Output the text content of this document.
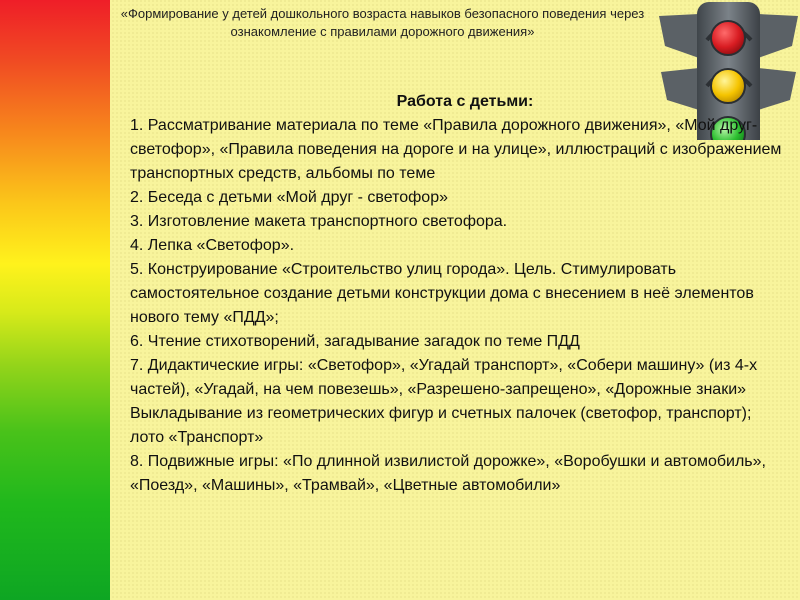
«Формирование у детей дошкольного возраста навыков безопасного поведения через
ознакомление с правилами дорожного движения»
Работа с детьми:

1. Рассматривание материала по теме «Правила дорожного движения», «Мой друг-светофор», «Правила поведения на дороге и на улице», иллюстраций с изображением транспортных средств, альбомы по теме

2. Беседа с детьми «Мой друг - светофор»

3. Изготовление макета транспортного светофора.

4. Лепка «Светофор».

5. Конструирование «Строительство улиц города». Цель. Стимулировать самостоятельное создание детьми конструкции дома с внесением в неё элементов нового тему «ПДД»;

6. Чтение стихотворений, загадывание загадок по теме ПДД

7. Дидактические игры: «Светофор», «Угадай транспорт», «Собери машину» (из 4-х частей), «Угадай, на чем повезешь», «Разрешено-запрещено», «Дорожные знаки» Выкладывание из геометрических фигур и счетных палочек (светофор, транспорт); лото «Транспорт»

8. Подвижные игры: «По длинной извилистой дорожке», «Воробушки и автомобиль», «Поезд», «Машины», «Трамвай», «Цветные автомобили»
